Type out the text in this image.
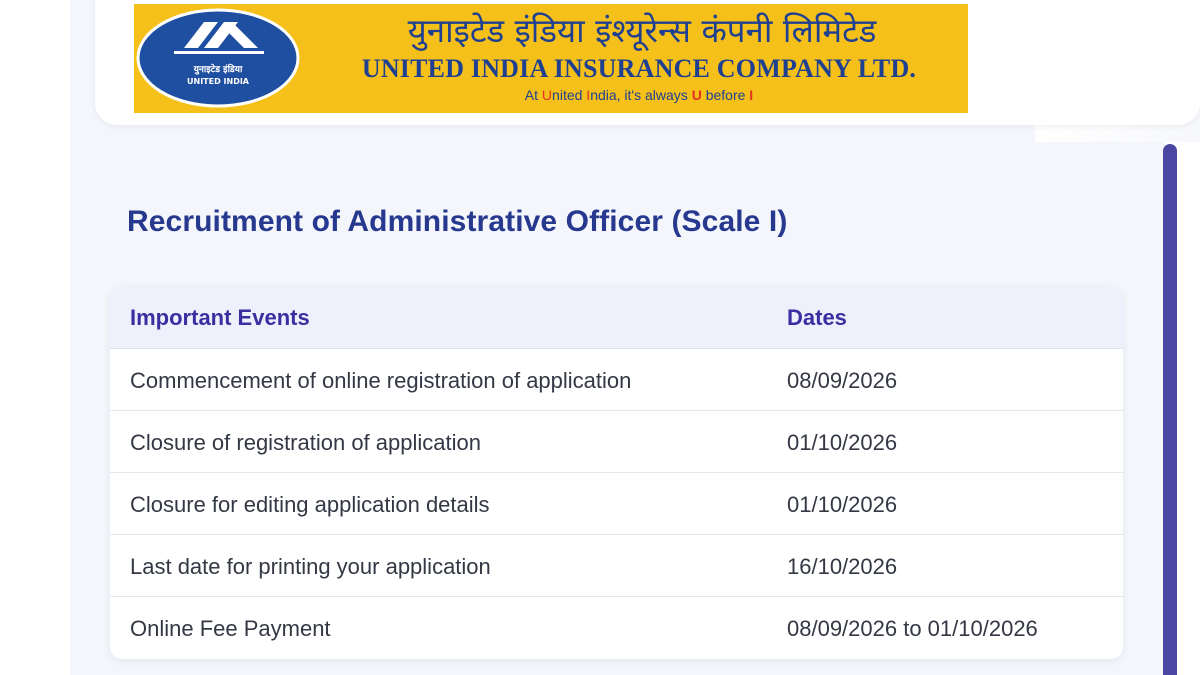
युनाइटेड इंडिया
UNITED INDIA
युनाइटेड इंडिया इंश्यूरेन्स कंपनी लिमिटेड
UNITED INDIA INSURANCE COMPANY LTD.
At United India, it's always U before I
Recruitment of Administrative Officer (Scale I)
Important Events	Dates
Commencement of online registration of application	08/09/2026
Closure of registration of application	01/10/2026
Closure for editing application details	01/10/2026
Last date for printing your application	16/10/2026
Online Fee Payment	08/09/2026 to 01/10/2026
